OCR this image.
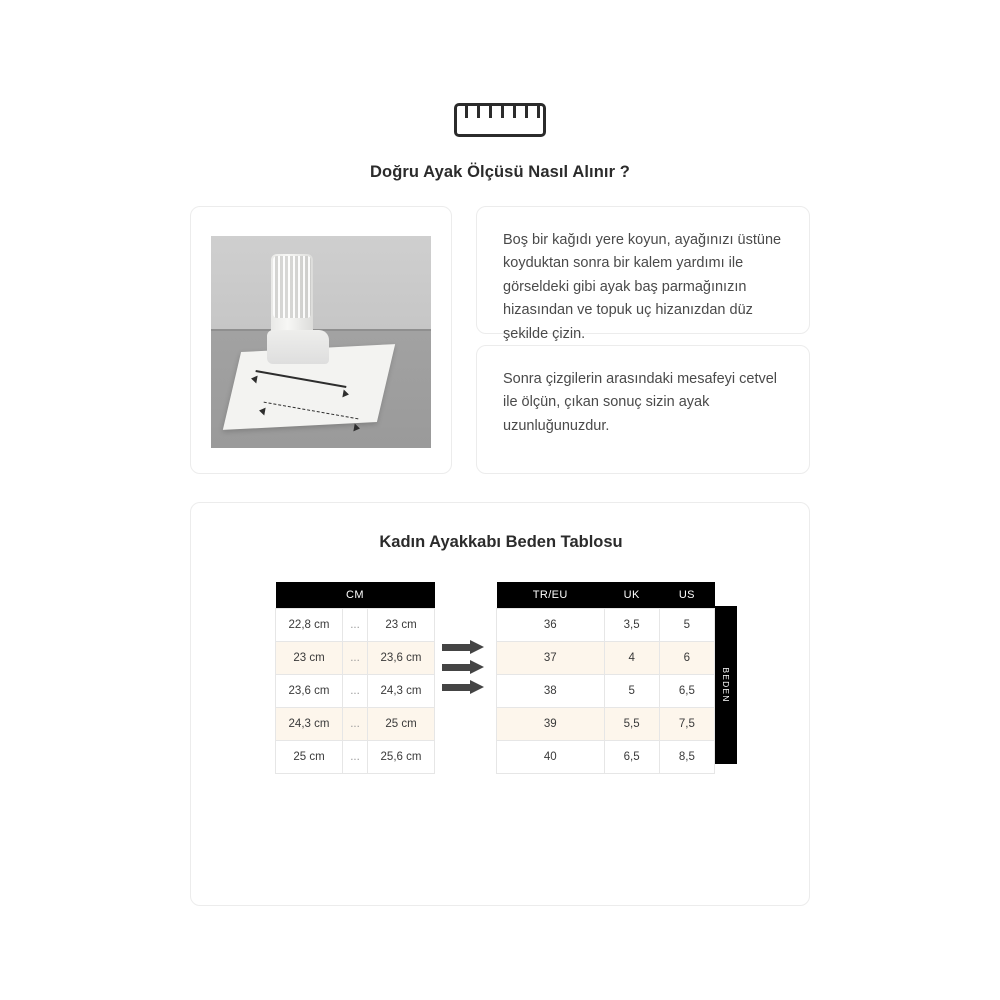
Doğru Ayak Ölçüsü Nasıl Alınır ?
Boş bir kağıdı yere koyun, ayağınızı üstüne koyduktan sonra bir kalem yardımı ile görseldeki gibi ayak baş parmağınızın hizasından ve topuk uç hizanızdan düz şekilde çizin.
Sonra çizgilerin arasındaki mesafeyi cetvel ile ölçün, çıkan sonuç sizin ayak uzunluğunuzdur.
Kadın Ayakkabı Beden Tablosu
CM		
22,8 cm	...	23 cm
23 cm	...	23,6 cm
23,6 cm	...	24,3 cm
24,3 cm	...	25 cm
25 cm	...	25,6 cm
TR/EU	UK	US
36	3,5	5
37	4	6
38	5	6,5
39	5,5	7,5
40	6,5	8,5
BEDEN
